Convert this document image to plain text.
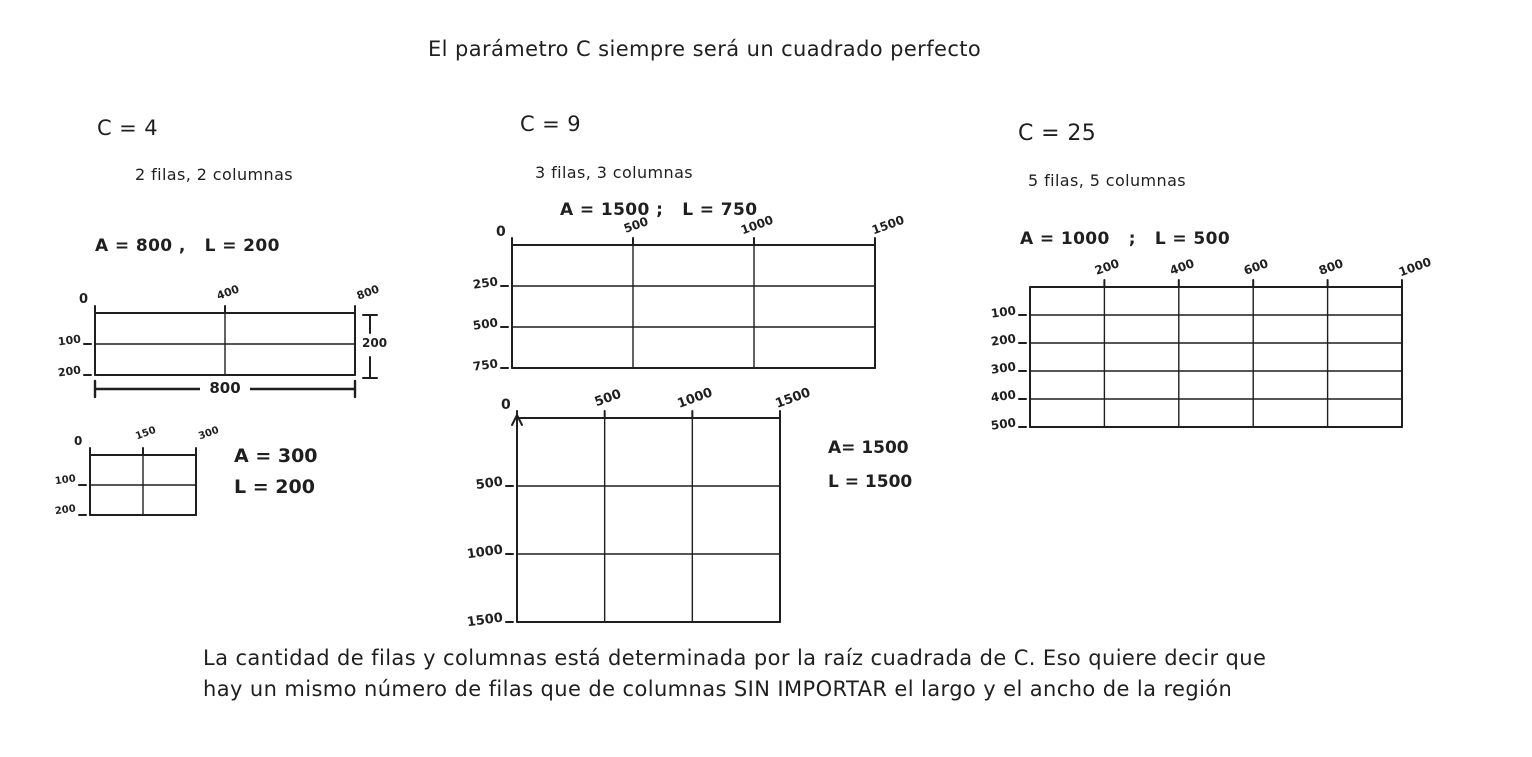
0	400	800
100
200
200
800
0	150	300
100
200
A = 300
L = 200
0	500	1000	1500
250
500
750
0	500	1000	1500
500
1000
1500
A= 1500
L = 1500
200	400	600	800	1000
100
200
300
400
500
El parámetro C siempre será un cuadrado perfecto
C = 4
2 filas, 2 columnas
A = 800 ,   L = 200
C = 9
3 filas, 3 columnas
A = 1500 ;   L = 750
C = 25
5 filas, 5 columnas
A = 1000   ;   L = 500
La cantidad de filas y columnas está determinada por la raíz cuadrada de C. Eso quiere decir que
hay un mismo número de filas que de columnas SIN IMPORTAR el largo y el ancho de la región
